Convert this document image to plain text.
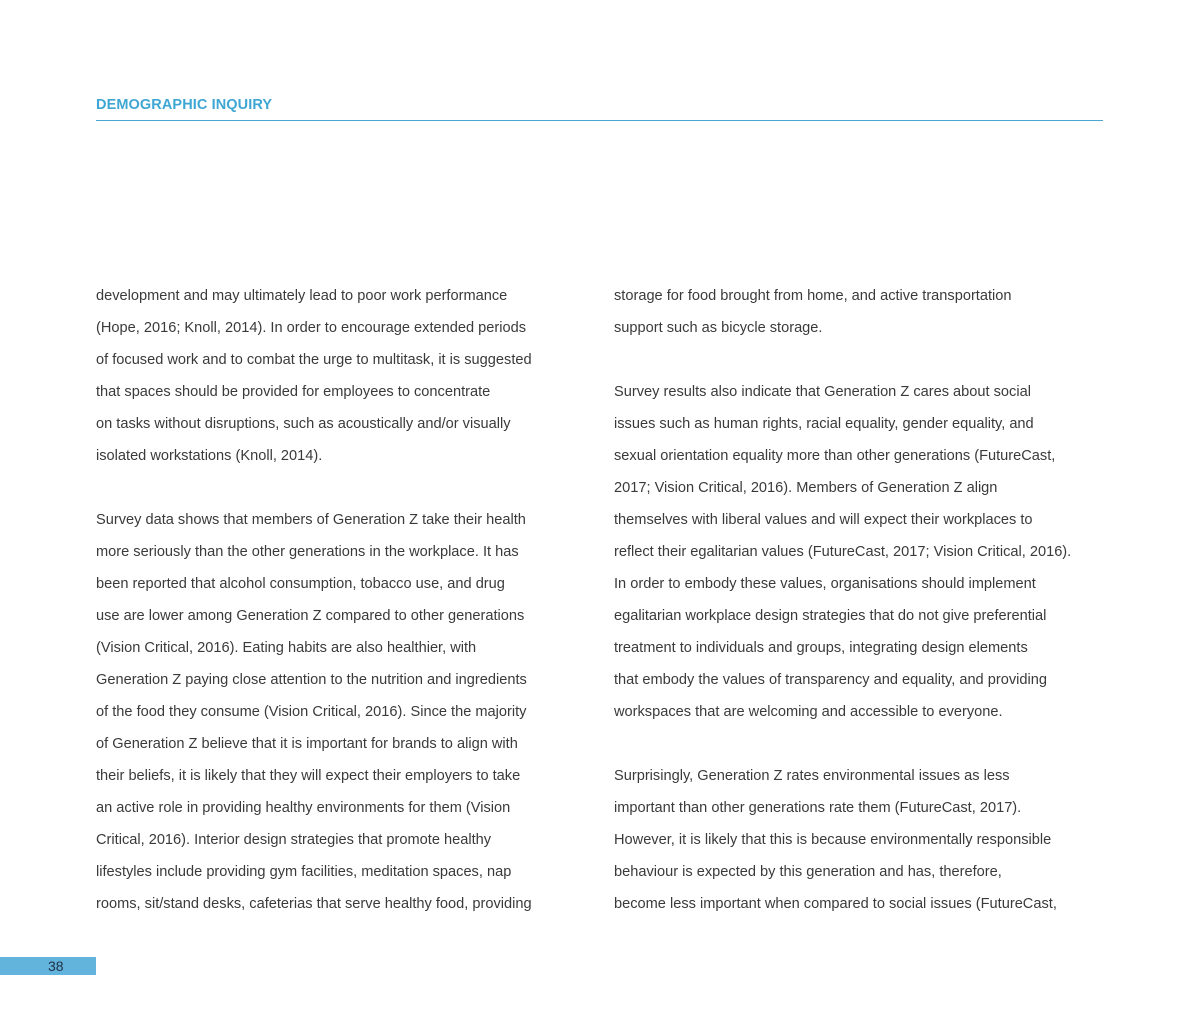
DEMOGRAPHIC INQUIRY

development and may ultimately lead to poor work performance
(Hope, 2016; Knoll, 2014). In order to encourage extended periods
of focused work and to combat the urge to multitask, it is suggested
that spaces should be provided for employees to concentrate
on tasks without disruptions, such as acoustically and/or visually
isolated workstations (Knoll, 2014).

Survey data shows that members of Generation Z take their health
more seriously than the other generations in the workplace. It has
been reported that alcohol consumption, tobacco use, and drug
use are lower among Generation Z compared to other generations
(Vision Critical, 2016). Eating habits are also healthier, with
Generation Z paying close attention to the nutrition and ingredients
of the food they consume (Vision Critical, 2016). Since the majority
of Generation Z believe that it is important for brands to align with
their beliefs, it is likely that they will expect their employers to take
an active role in providing healthy environments for them (Vision
Critical, 2016). Interior design strategies that promote healthy
lifestyles include providing gym facilities, meditation spaces, nap
rooms, sit/stand desks, cafeterias that serve healthy food, providing

storage for food brought from home, and active transportation
support such as bicycle storage.

Survey results also indicate that Generation Z cares about social
issues such as human rights, racial equality, gender equality, and
sexual orientation equality more than other generations (FutureCast,
2017; Vision Critical, 2016). Members of Generation Z align
themselves with liberal values and will expect their workplaces to
reflect their egalitarian values (FutureCast, 2017; Vision Critical, 2016).
In order to embody these values, organisations should implement
egalitarian workplace design strategies that do not give preferential
treatment to individuals and groups, integrating design elements
that embody the values of transparency and equality, and providing
workspaces that are welcoming and accessible to everyone.

Surprisingly, Generation Z rates environmental issues as less
important than other generations rate them (FutureCast, 2017).
However, it is likely that this is because environmentally responsible
behaviour is expected by this generation and has, therefore,
become less important when compared to social issues (FutureCast,

38
